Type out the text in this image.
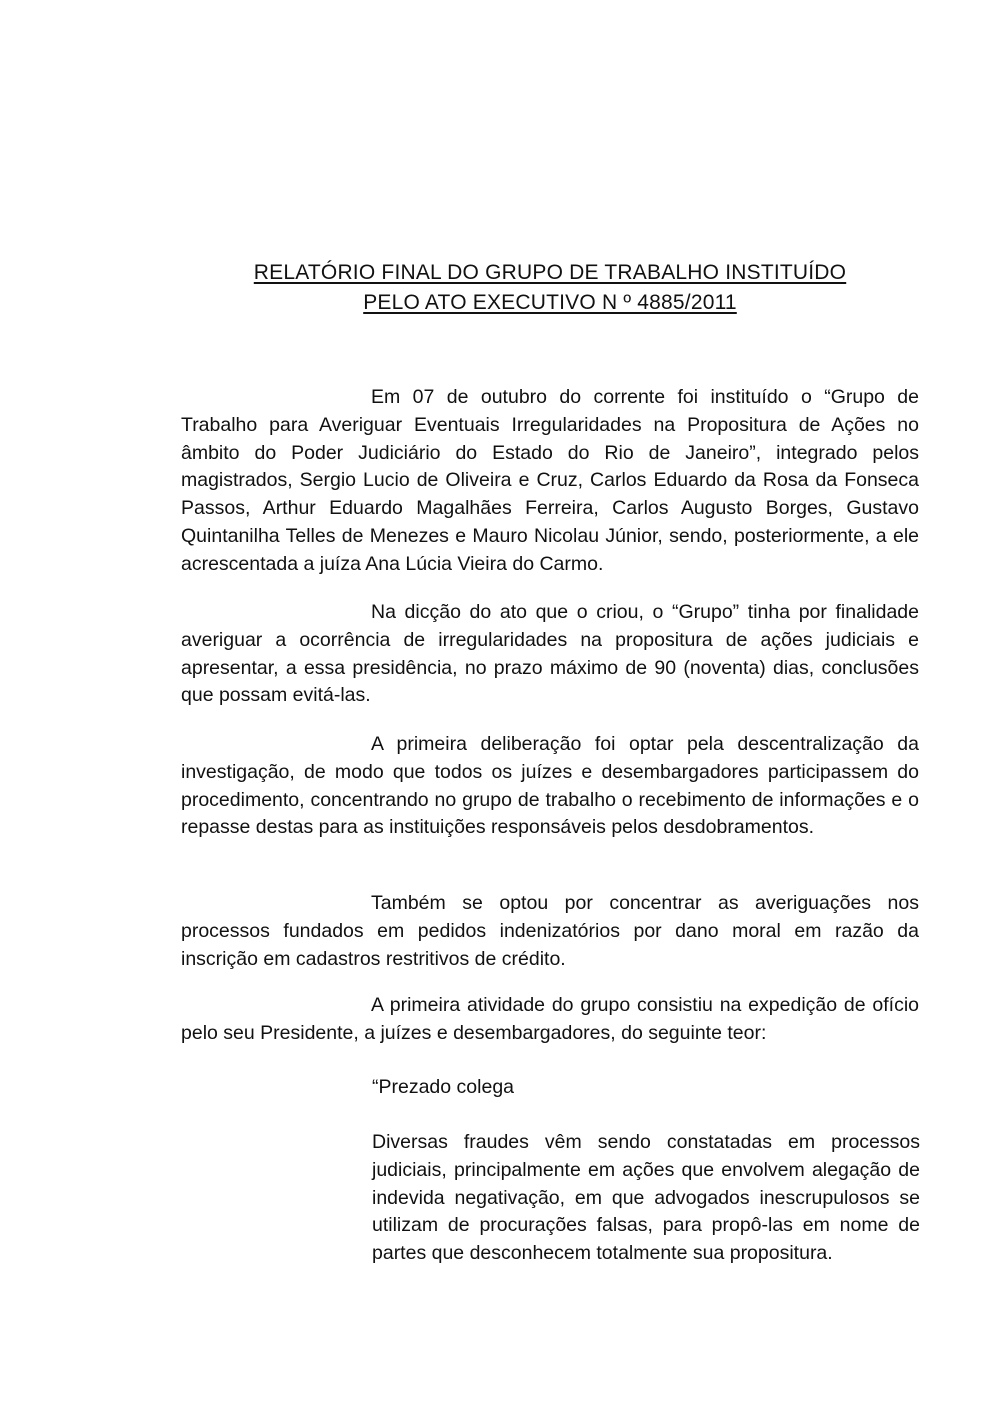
RELATÓRIO FINAL DO GRUPO DE TRABALHO INSTITUÍDO
PELO ATO EXECUTIVO N º 4885/2011

Em 07 de outubro do corrente foi instituído o “Grupo de Trabalho para Averiguar Eventuais Irregularidades na Propositura de Ações no âmbito do Poder Judiciário do Estado do Rio de Janeiro”, integrado pelos magistrados, Sergio Lucio de Oliveira e Cruz, Carlos Eduardo da Rosa da Fonseca Passos, Arthur Eduardo Magalhães Ferreira, Carlos Augusto Borges, Gustavo Quintanilha Telles de Menezes e Mauro Nicolau Júnior, sendo, posteriormente, a ele acrescentada a juíza Ana Lúcia Vieira do Carmo.

Na dicção do ato que o criou, o “Grupo” tinha por finalidade averiguar a ocorrência de irregularidades na propositura de ações judiciais e apresentar, a essa presidência, no prazo máximo de 90 (noventa) dias, conclusões que possam evitá-las.

A primeira deliberação foi optar pela descentralização da investigação, de modo que todos os juízes e desembargadores participassem do procedimento, concentrando no grupo de trabalho o recebimento de informações e o repasse destas para as instituições responsáveis pelos desdobramentos.

Também se optou por concentrar as averiguações nos processos fundados em pedidos indenizatórios por dano moral em razão da inscrição em cadastros restritivos de crédito.

A primeira atividade do grupo consistiu na expedição de ofício pelo seu Presidente, a juízes e desembargadores, do seguinte teor:

“Prezado colega
Diversas fraudes vêm sendo constatadas em processos judiciais, principalmente em ações que envolvem alegação de indevida negativação, em que advogados inescrupulosos se utilizam de procurações falsas, para propô-las em nome de partes que desconhecem totalmente sua propositura.
